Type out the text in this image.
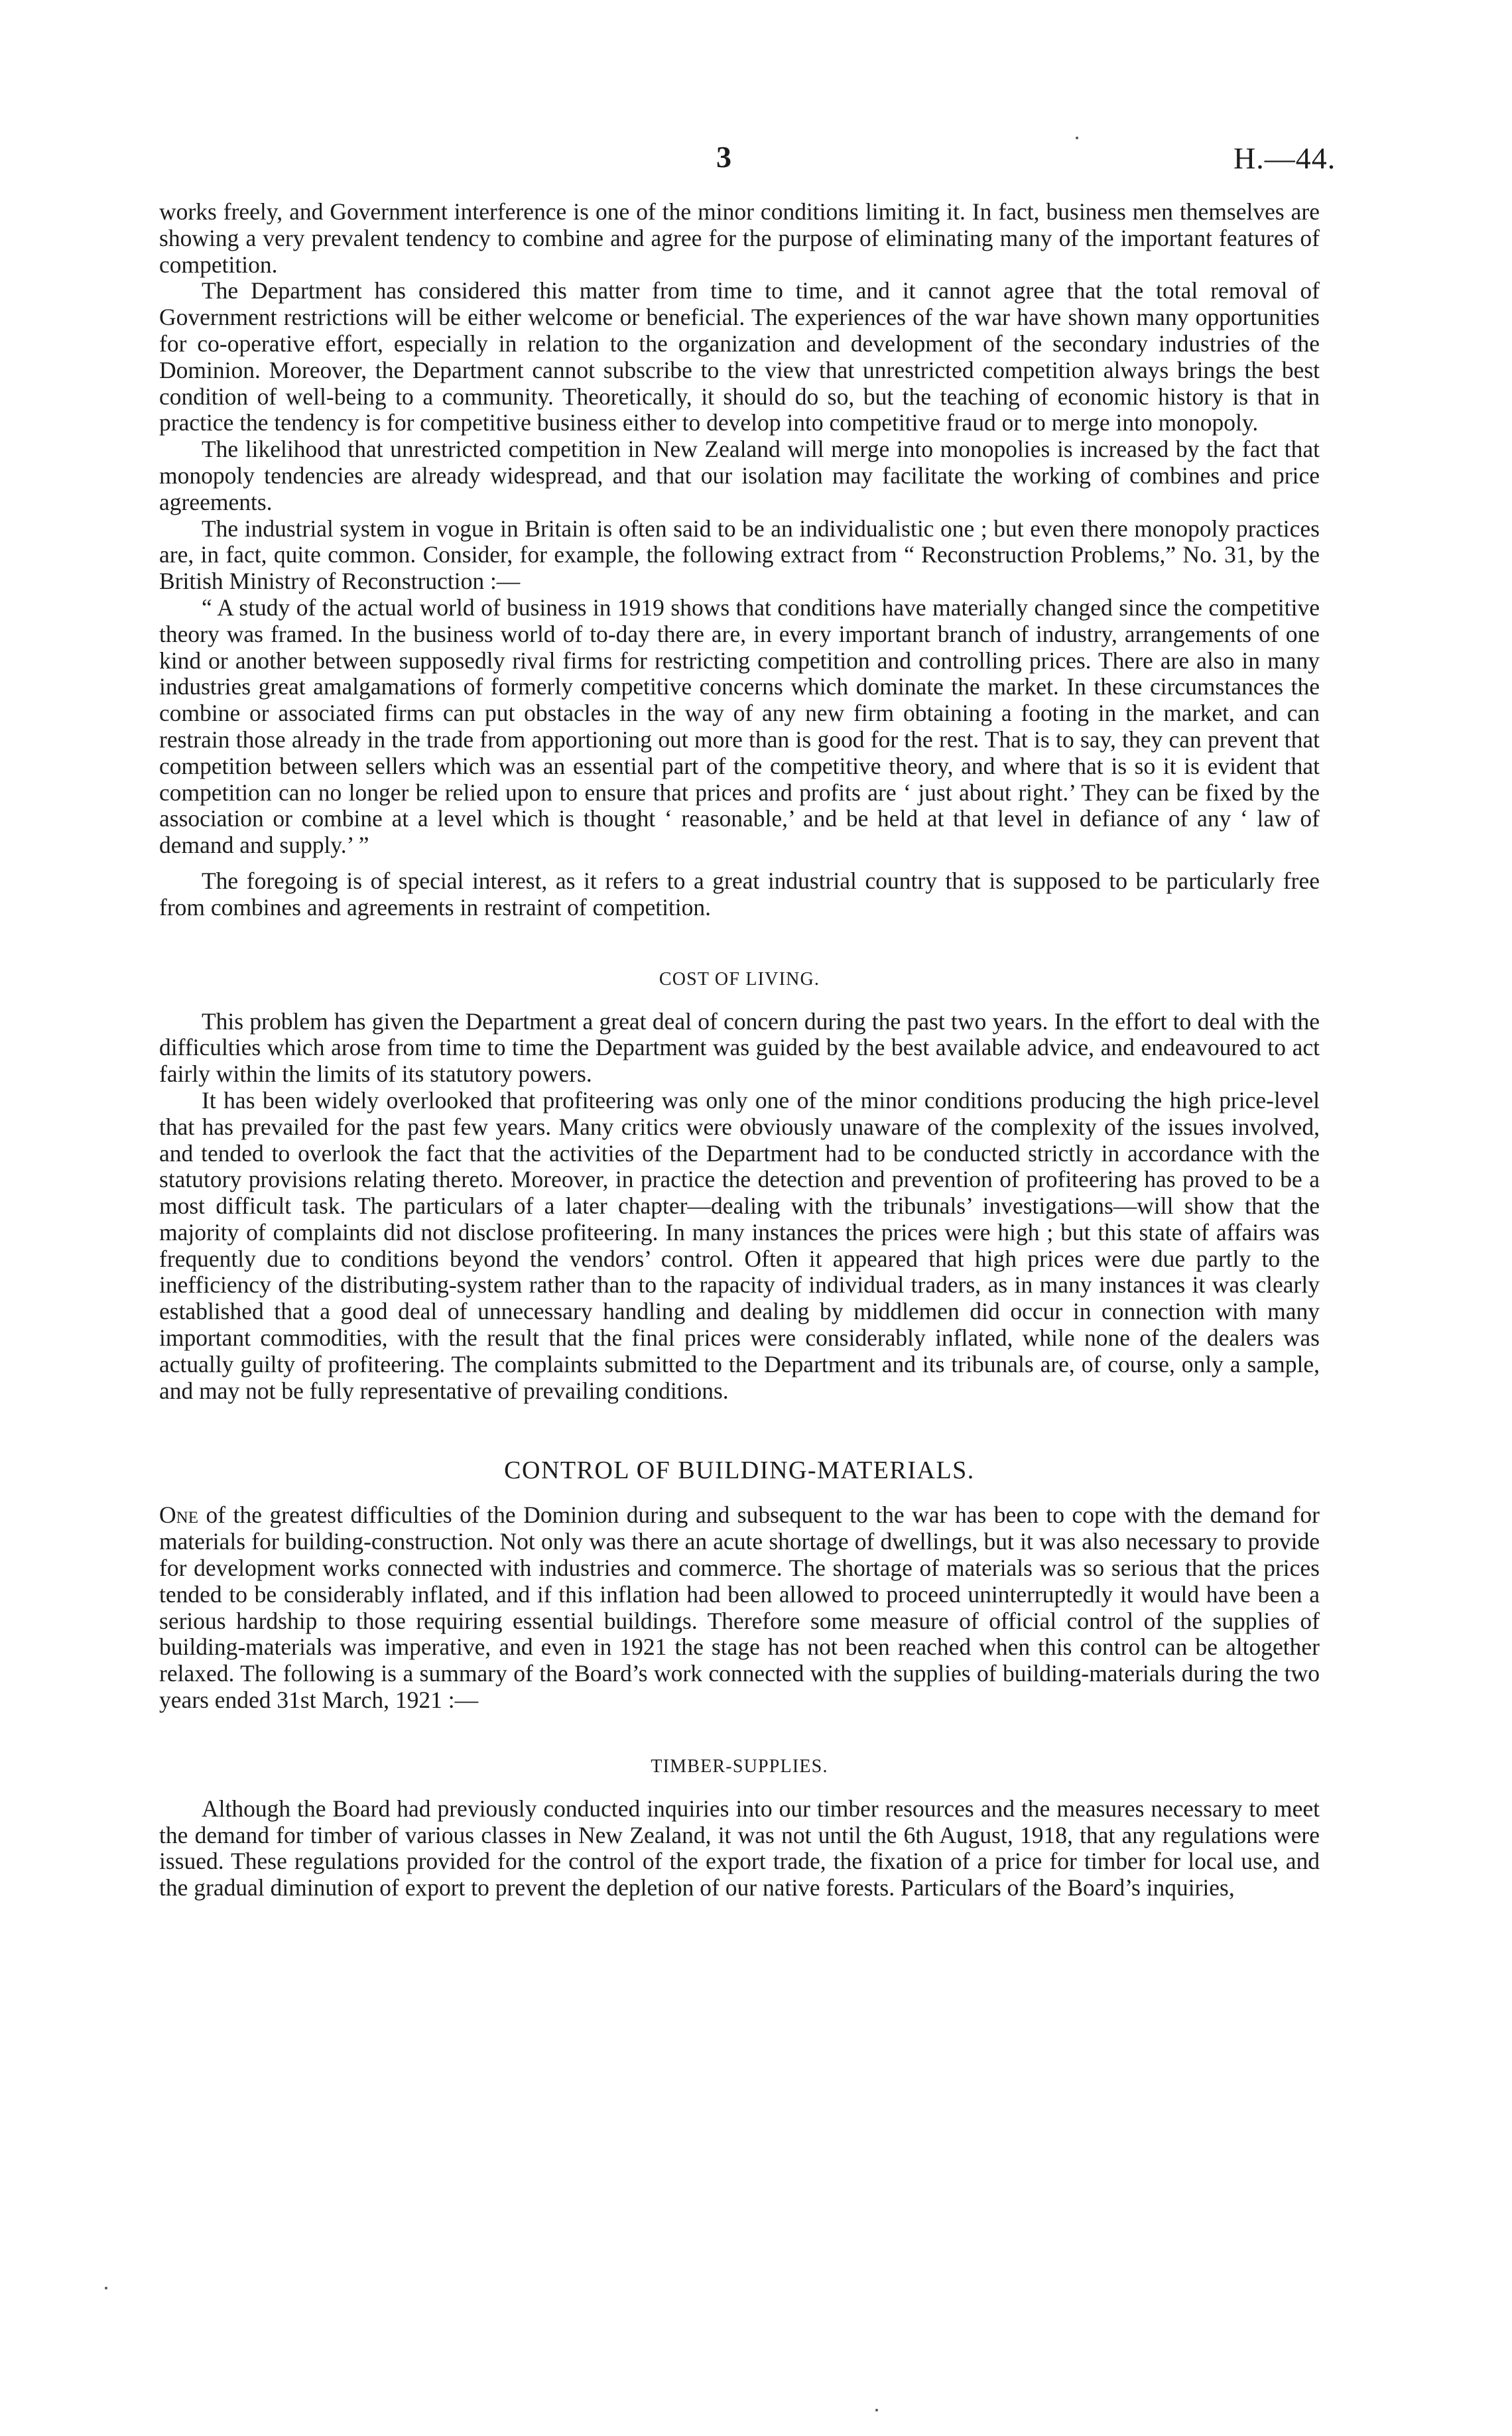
3	H.—44.

works freely, and Government interference is one of the minor conditions limiting it. In fact, business men themselves are showing a very prevalent tendency to combine and agree for the purpose of eliminating many of the important features of competition.

The Department has considered this matter from time to time, and it cannot agree that the total removal of Government restrictions will be either welcome or beneficial. The experiences of the war have shown many opportunities for co-operative effort, especially in relation to the organization and development of the secondary industries of the Dominion. Moreover, the Department cannot subscribe to the view that unrestricted competition always brings the best condition of well-being to a community. Theoretically, it should do so, but the teaching of economic history is that in practice the tendency is for competitive business either to develop into competitive fraud or to merge into monopoly.

The likelihood that unrestricted competition in New Zealand will merge into monopolies is increased by the fact that monopoly tendencies are already widespread, and that our isolation may facilitate the working of combines and price agreements.

The industrial system in vogue in Britain is often said to be an individualistic one ; but even there monopoly practices are, in fact, quite common. Consider, for example, the following extract from “ Reconstruction Problems,” No. 31, by the British Ministry of Reconstruction :—

“ A study of the actual world of business in 1919 shows that conditions have materially changed since the competitive theory was framed. In the business world of to-day there are, in every important branch of industry, arrangements of one kind or another between supposedly rival firms for restricting competition and controlling prices. There are also in many industries great amalgamations of formerly competitive concerns which dominate the market. In these circumstances the combine or associated firms can put obstacles in the way of any new firm obtaining a footing in the market, and can restrain those already in the trade from apportioning out more than is good for the rest. That is to say, they can prevent that competition between sellers which was an essential part of the competitive theory, and where that is so it is evident that competition can no longer be relied upon to ensure that prices and profits are ‘ just about right.’ They can be fixed by the association or combine at a level which is thought ‘ reasonable,’ and be held at that level in defiance of any ‘ law of demand and supply.’ ”

The foregoing is of special interest, as it refers to a great industrial country that is supposed to be particularly free from combines and agreements in restraint of competition.

COST OF LIVING.

This problem has given the Department a great deal of concern during the past two years. In the effort to deal with the difficulties which arose from time to time the Department was guided by the best available advice, and endeavoured to act fairly within the limits of its statutory powers.

It has been widely overlooked that profiteering was only one of the minor conditions producing the high price-level that has prevailed for the past few years. Many critics were obviously unaware of the complexity of the issues involved, and tended to overlook the fact that the activities of the Department had to be conducted strictly in accordance with the statutory provisions relating thereto. Moreover, in practice the detection and prevention of profiteering has proved to be a most difficult task. The particulars of a later chapter—dealing with the tribunals’ investigations—will show that the majority of complaints did not disclose profiteering. In many instances the prices were high ; but this state of affairs was frequently due to conditions beyond the vendors’ control. Often it appeared that high prices were due partly to the inefficiency of the distributing-system rather than to the rapacity of individual traders, as in many instances it was clearly established that a good deal of unnecessary handling and dealing by middlemen did occur in connection with many important commodities, with the result that the final prices were considerably inflated, while none of the dealers was actually guilty of profiteering. The complaints submitted to the Department and its tribunals are, of course, only a sample, and may not be fully representative of prevailing conditions.

CONTROL OF BUILDING-MATERIALS.

One of the greatest difficulties of the Dominion during and subsequent to the war has been to cope with the demand for materials for building-construction. Not only was there an acute shortage of dwellings, but it was also necessary to provide for development works connected with industries and commerce. The shortage of materials was so serious that the prices tended to be considerably inflated, and if this inflation had been allowed to proceed uninterruptedly it would have been a serious hardship to those requiring essential buildings. Therefore some measure of official control of the supplies of building-materials was imperative, and even in 1921 the stage has not been reached when this control can be altogether relaxed. The following is a summary of the Board’s work connected with the supplies of building-materials during the two years ended 31st March, 1921 :—

TIMBER-SUPPLIES.

Although the Board had previously conducted inquiries into our timber resources and the measures necessary to meet the demand for timber of various classes in New Zealand, it was not until the 6th August, 1918, that any regulations were issued. These regulations provided for the control of the export trade, the fixation of a price for timber for local use, and the gradual diminution of export to prevent the depletion of our native forests. Particulars of the Board’s inquiries,
